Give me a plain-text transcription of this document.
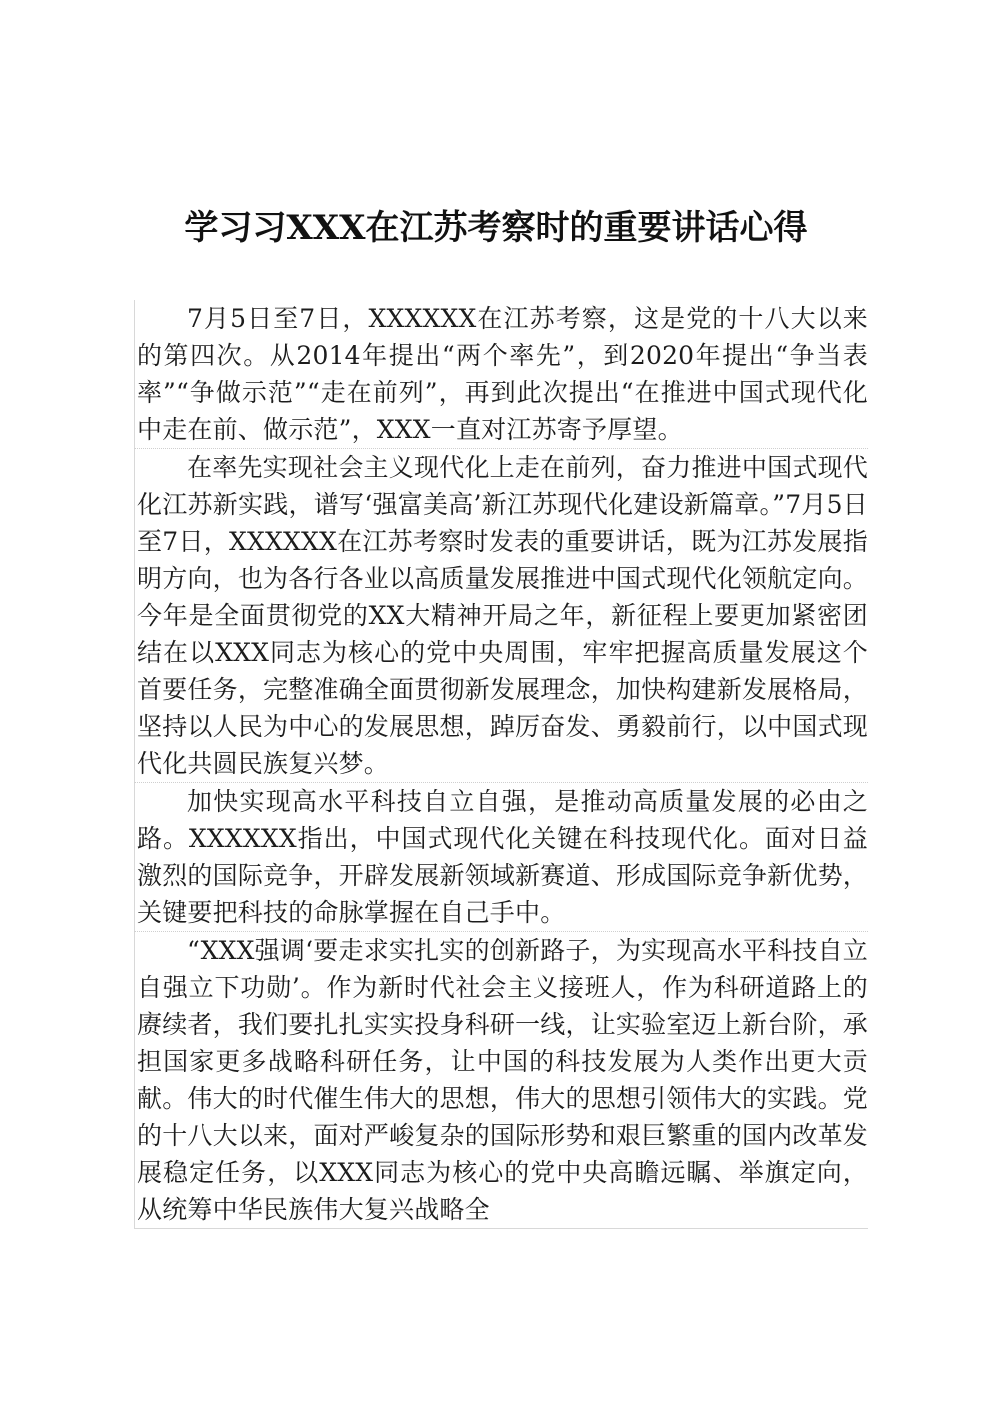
学习习XXX在江苏考察时的重要讲话心得

7月5日至7日，XXXXXX在江苏考察，这是党的十八大以来的第四次。从2014年提出“两个率先”，到2020年提出“争当表率”“争做示范”“走在前列”，再到此次提出“在推进中国式现代化中走在前、做示范”，XXX一直对江苏寄予厚望。

在率先实现社会主义现代化上走在前列，奋力推进中国式现代化江苏新实践，谱写‘强富美高’新江苏现代化建设新篇章。”7月5日至7日，XXXXXX在江苏考察时发表的重要讲话，既为江苏发展指明方向，也为各行各业以高质量发展推进中国式现代化领航定向。今年是全面贯彻党的XX大精神开局之年，新征程上要更加紧密团结在以XXX同志为核心的党中央周围，牢牢把握高质量发展这个首要任务，完整准确全面贯彻新发展理念，加快构建新发展格局，坚持以人民为中心的发展思想，踔厉奋发、勇毅前行，以中国式现代化共圆民族复兴梦。

加快实现高水平科技自立自强，是推动高质量发展的必由之路。XXXXXX指出，中国式现代化关键在科技现代化。面对日益激烈的国际竞争，开辟发展新领域新赛道、形成国际竞争新优势，关键要把科技的命脉掌握在自己手中。

“XXX强调‘要走求实扎实的创新路子，为实现高水平科技自立自强立下功勋’。作为新时代社会主义接班人，作为科研道路上的赓续者，我们要扎扎实实投身科研一线，让实验室迈上新台阶，承担国家更多战略科研任务，让中国的科技发展为人类作出更大贡献。伟大的时代催生伟大的思想，伟大的思想引领伟大的实践。党的十八大以来，面对严峻复杂的国际形势和艰巨繁重的国内改革发展稳定任务，以XXX同志为核心的党中央高瞻远瞩、举旗定向，从统筹中华民族伟大复兴战略全
